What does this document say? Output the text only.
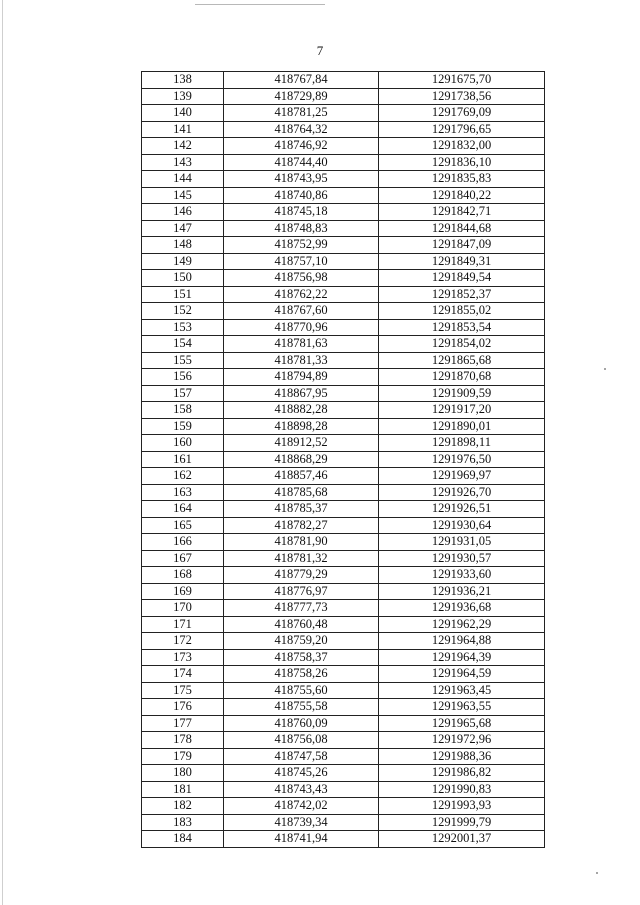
7
138	418767,84	1291675,70
139	418729,89	1291738,56
140	418781,25	1291769,09
141	418764,32	1291796,65
142	418746,92	1291832,00
143	418744,40	1291836,10
144	418743,95	1291835,83
145	418740,86	1291840,22
146	418745,18	1291842,71
147	418748,83	1291844,68
148	418752,99	1291847,09
149	418757,10	1291849,31
150	418756,98	1291849,54
151	418762,22	1291852,37
152	418767,60	1291855,02
153	418770,96	1291853,54
154	418781,63	1291854,02
155	418781,33	1291865,68
156	418794,89	1291870,68
157	418867,95	1291909,59
158	418882,28	1291917,20
159	418898,28	1291890,01
160	418912,52	1291898,11
161	418868,29	1291976,50
162	418857,46	1291969,97
163	418785,68	1291926,70
164	418785,37	1291926,51
165	418782,27	1291930,64
166	418781,90	1291931,05
167	418781,32	1291930,57
168	418779,29	1291933,60
169	418776,97	1291936,21
170	418777,73	1291936,68
171	418760,48	1291962,29
172	418759,20	1291964,88
173	418758,37	1291964,39
174	418758,26	1291964,59
175	418755,60	1291963,45
176	418755,58	1291963,55
177	418760,09	1291965,68
178	418756,08	1291972,96
179	418747,58	1291988,36
180	418745,26	1291986,82
181	418743,43	1291990,83
182	418742,02	1291993,93
183	418739,34	1291999,79
184	418741,94	1292001,37
